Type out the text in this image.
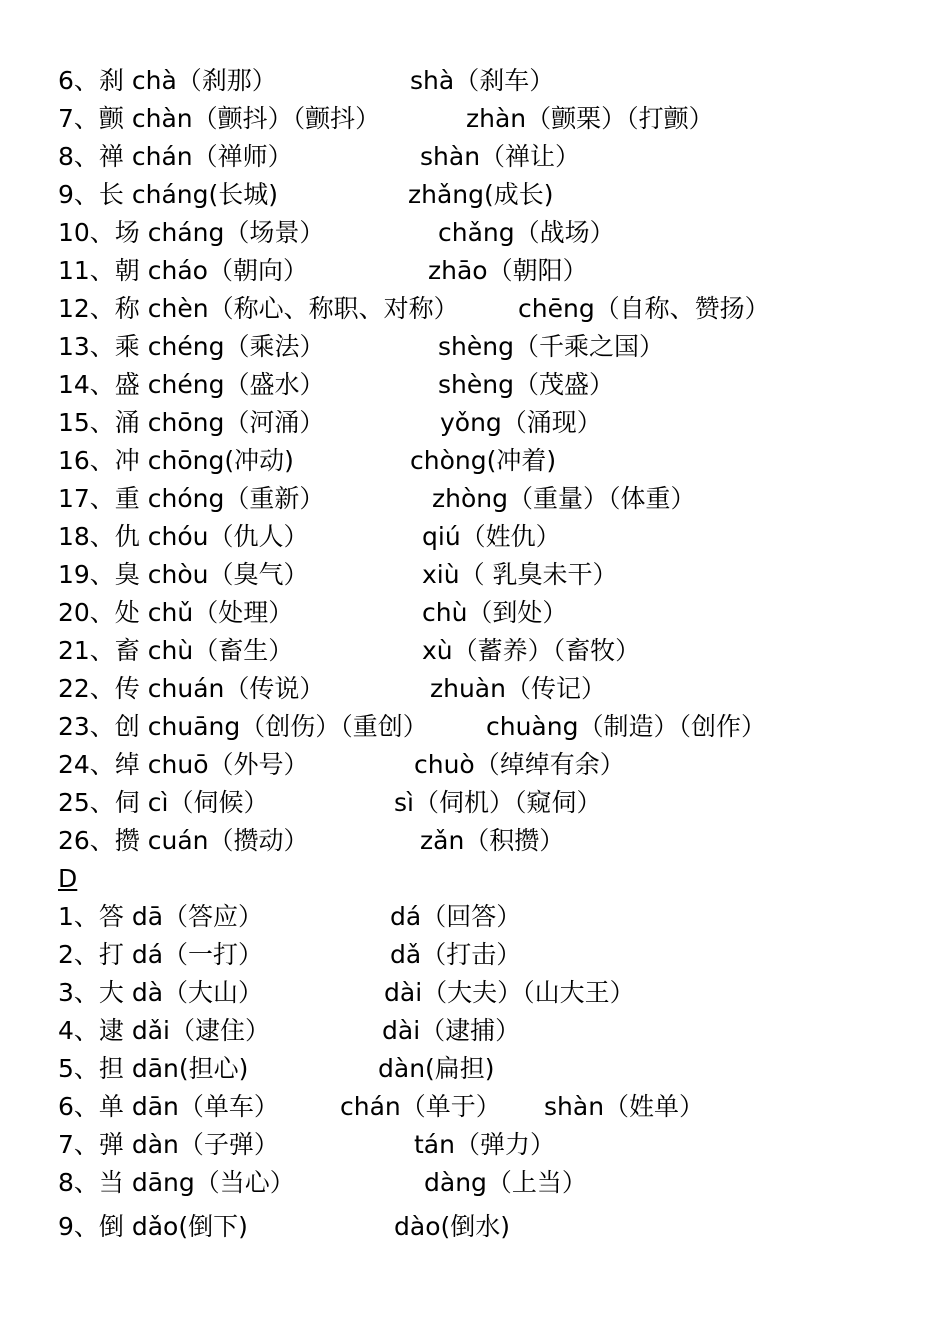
6、刹 chà（刹那）	shà（刹车）
7、颤 chàn（颤抖）（颤抖）	zhàn（颤栗）（打颤）
8、禅 chán（禅师）	shàn（禅让）
9、长 cháng(长城)	zhǎng(成长)
10、场 cháng（场景）	chǎng（战场）
11、朝 cháo（朝向）	zhāo（朝阳）
12、称 chèn（称心、称职、对称） chēng（自称、赞扬）
13、乘 chéng（乘法）	shèng（千乘之国）
14、盛 chéng（盛水）	shèng（茂盛）
15、涌 chōng（河涌）	yǒng（涌现）
16、冲 chōng(冲动)	chòng(冲着)
17、重 chóng（重新）	zhòng（重量）（体重）
18、仇 chóu（仇人）	qiú（姓仇）
19、臭 chòu（臭气）	xiù（ 乳臭未干）
20、处 chǔ（处理）	chù（到处）
21、畜 chù（畜生）	xù（蓄养）（畜牧）
22、传 chuán（传说）	zhuàn（传记）
23、创 chuāng（创伤）（重创） chuàng（制造）（创作）
24、绰 chuō（外号）	chuò（绰绰有余）
25、伺 cì（伺候）	sì（伺机）（窥伺）
26、攒 cuán（攒动）	zǎn（积攒）
D
1、答 dā（答应）	dá（回答）
2、打 dá（一打）	dǎ（打击）
3、大 dà（大山）	dài（大夫）（山大王）
4、逮 dǎi（逮住）	dài（逮捕）
5、担 dān(担心)	dàn(扁担)
6、单 dān（单车） chán（单于） shàn（姓单）
7、弹 dàn（子弹）	tán（弹力）
8、当 dāng（当心）	dàng（上当）
9、倒 dǎo(倒下)	dào(倒水)
